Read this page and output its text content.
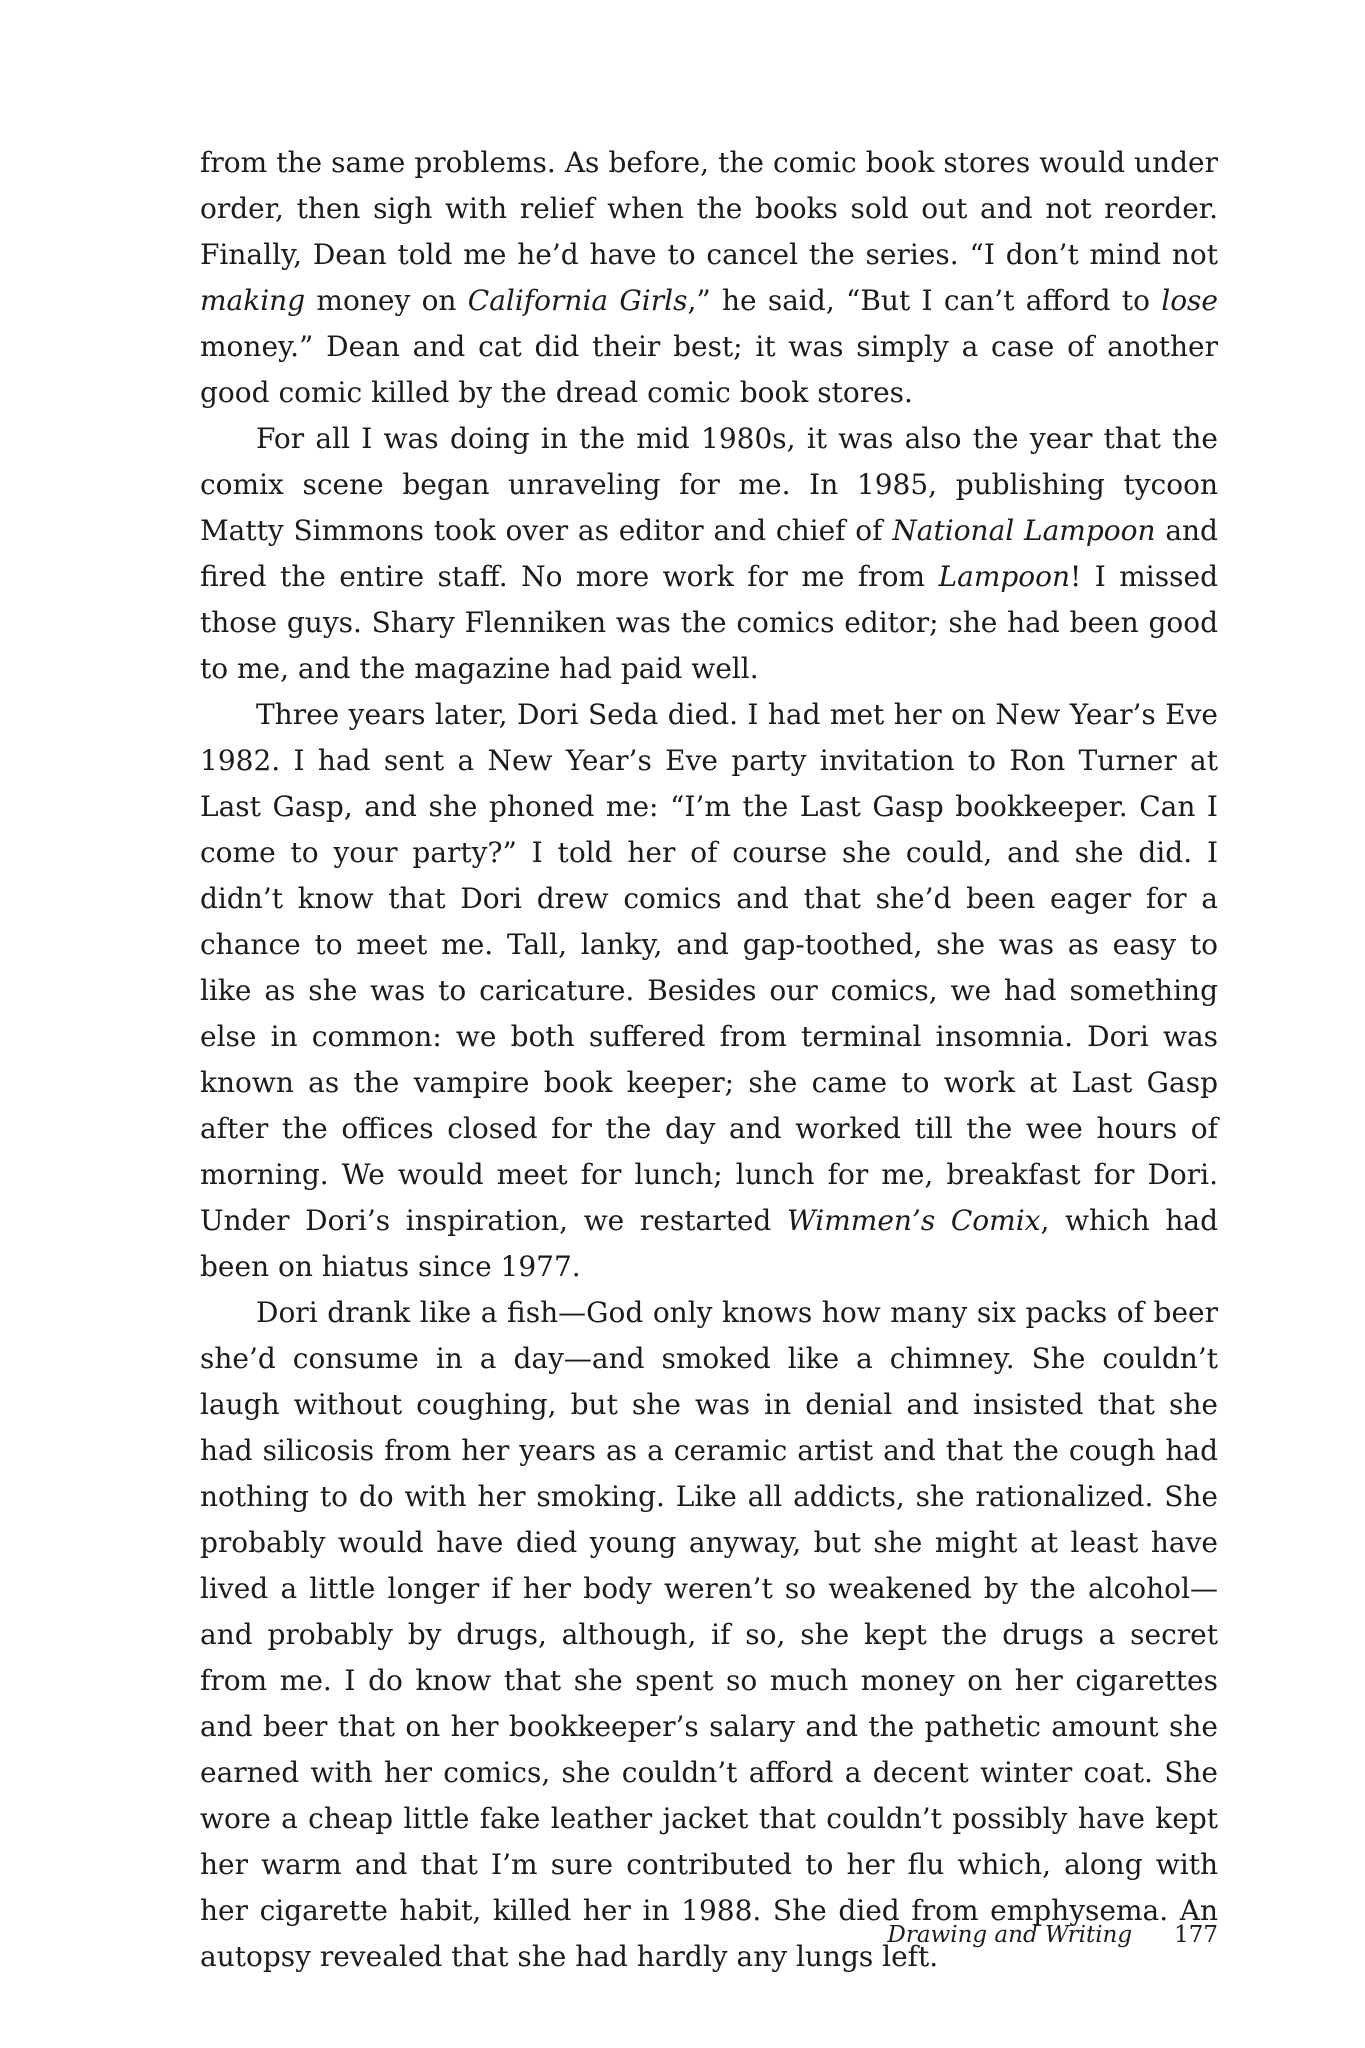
from the same problems. As before, the comic book stores would under order, then sigh with relief when the books sold out and not reorder. Finally, Dean told me he’d have to cancel the series. “I don’t mind not making money on California Girls,” he said, “But I can’t afford to lose money.” Dean and cat did their best; it was simply a case of another good comic killed by the dread comic book stores.

For all I was doing in the mid 1980s, it was also the year that the comix scene began unraveling for me. In 1985, publishing tycoon Matty Simmons took over as editor and chief of National Lampoon and fired the entire staff. No more work for me from Lampoon! I missed those guys. Shary Flenniken was the comics editor; she had been good to me, and the magazine had paid well.

Three years later, Dori Seda died. I had met her on New Year’s Eve 1982. I had sent a New Year’s Eve party invitation to Ron Turner at Last Gasp, and she phoned me: “I’m the Last Gasp bookkeeper. Can I come to your party?” I told her of course she could, and she did. I didn’t know that Dori drew comics and that she’d been eager for a chance to meet me. Tall, lanky, and gap-toothed, she was as easy to like as she was to caricature. Besides our comics, we had something else in common: we both suffered from terminal insomnia. Dori was known as the vampire book keeper; she came to work at Last Gasp after the offices closed for the day and worked till the wee hours of morning. We would meet for lunch; lunch for me, breakfast for Dori. Under Dori’s inspiration, we restarted Wimmen’s Comix, which had been on hiatus since 1977.

Dori drank like a fish—God only knows how many six packs of beer she’d consume in a day—and smoked like a chimney. She couldn’t laugh without coughing, but she was in denial and insisted that she had silicosis from her years as a ceramic artist and that the cough had nothing to do with her smoking. Like all addicts, she rationalized. She probably would have died young anyway, but she might at least have lived a little longer if her body weren’t so weakened by the alcohol—and probably by drugs, although, if so, she kept the drugs a secret from me. I do know that she spent so much money on her cigarettes and beer that on her bookkeeper’s salary and the pathetic amount she earned with her comics, she couldn’t afford a decent winter coat. She wore a cheap little fake leather jacket that couldn’t possibly have kept her warm and that I’m sure contributed to her flu which, along with her cigarette habit, killed her in 1988. She died from emphysema. An autopsy revealed that she had hardly any lungs left.

Drawing and Writing 177
